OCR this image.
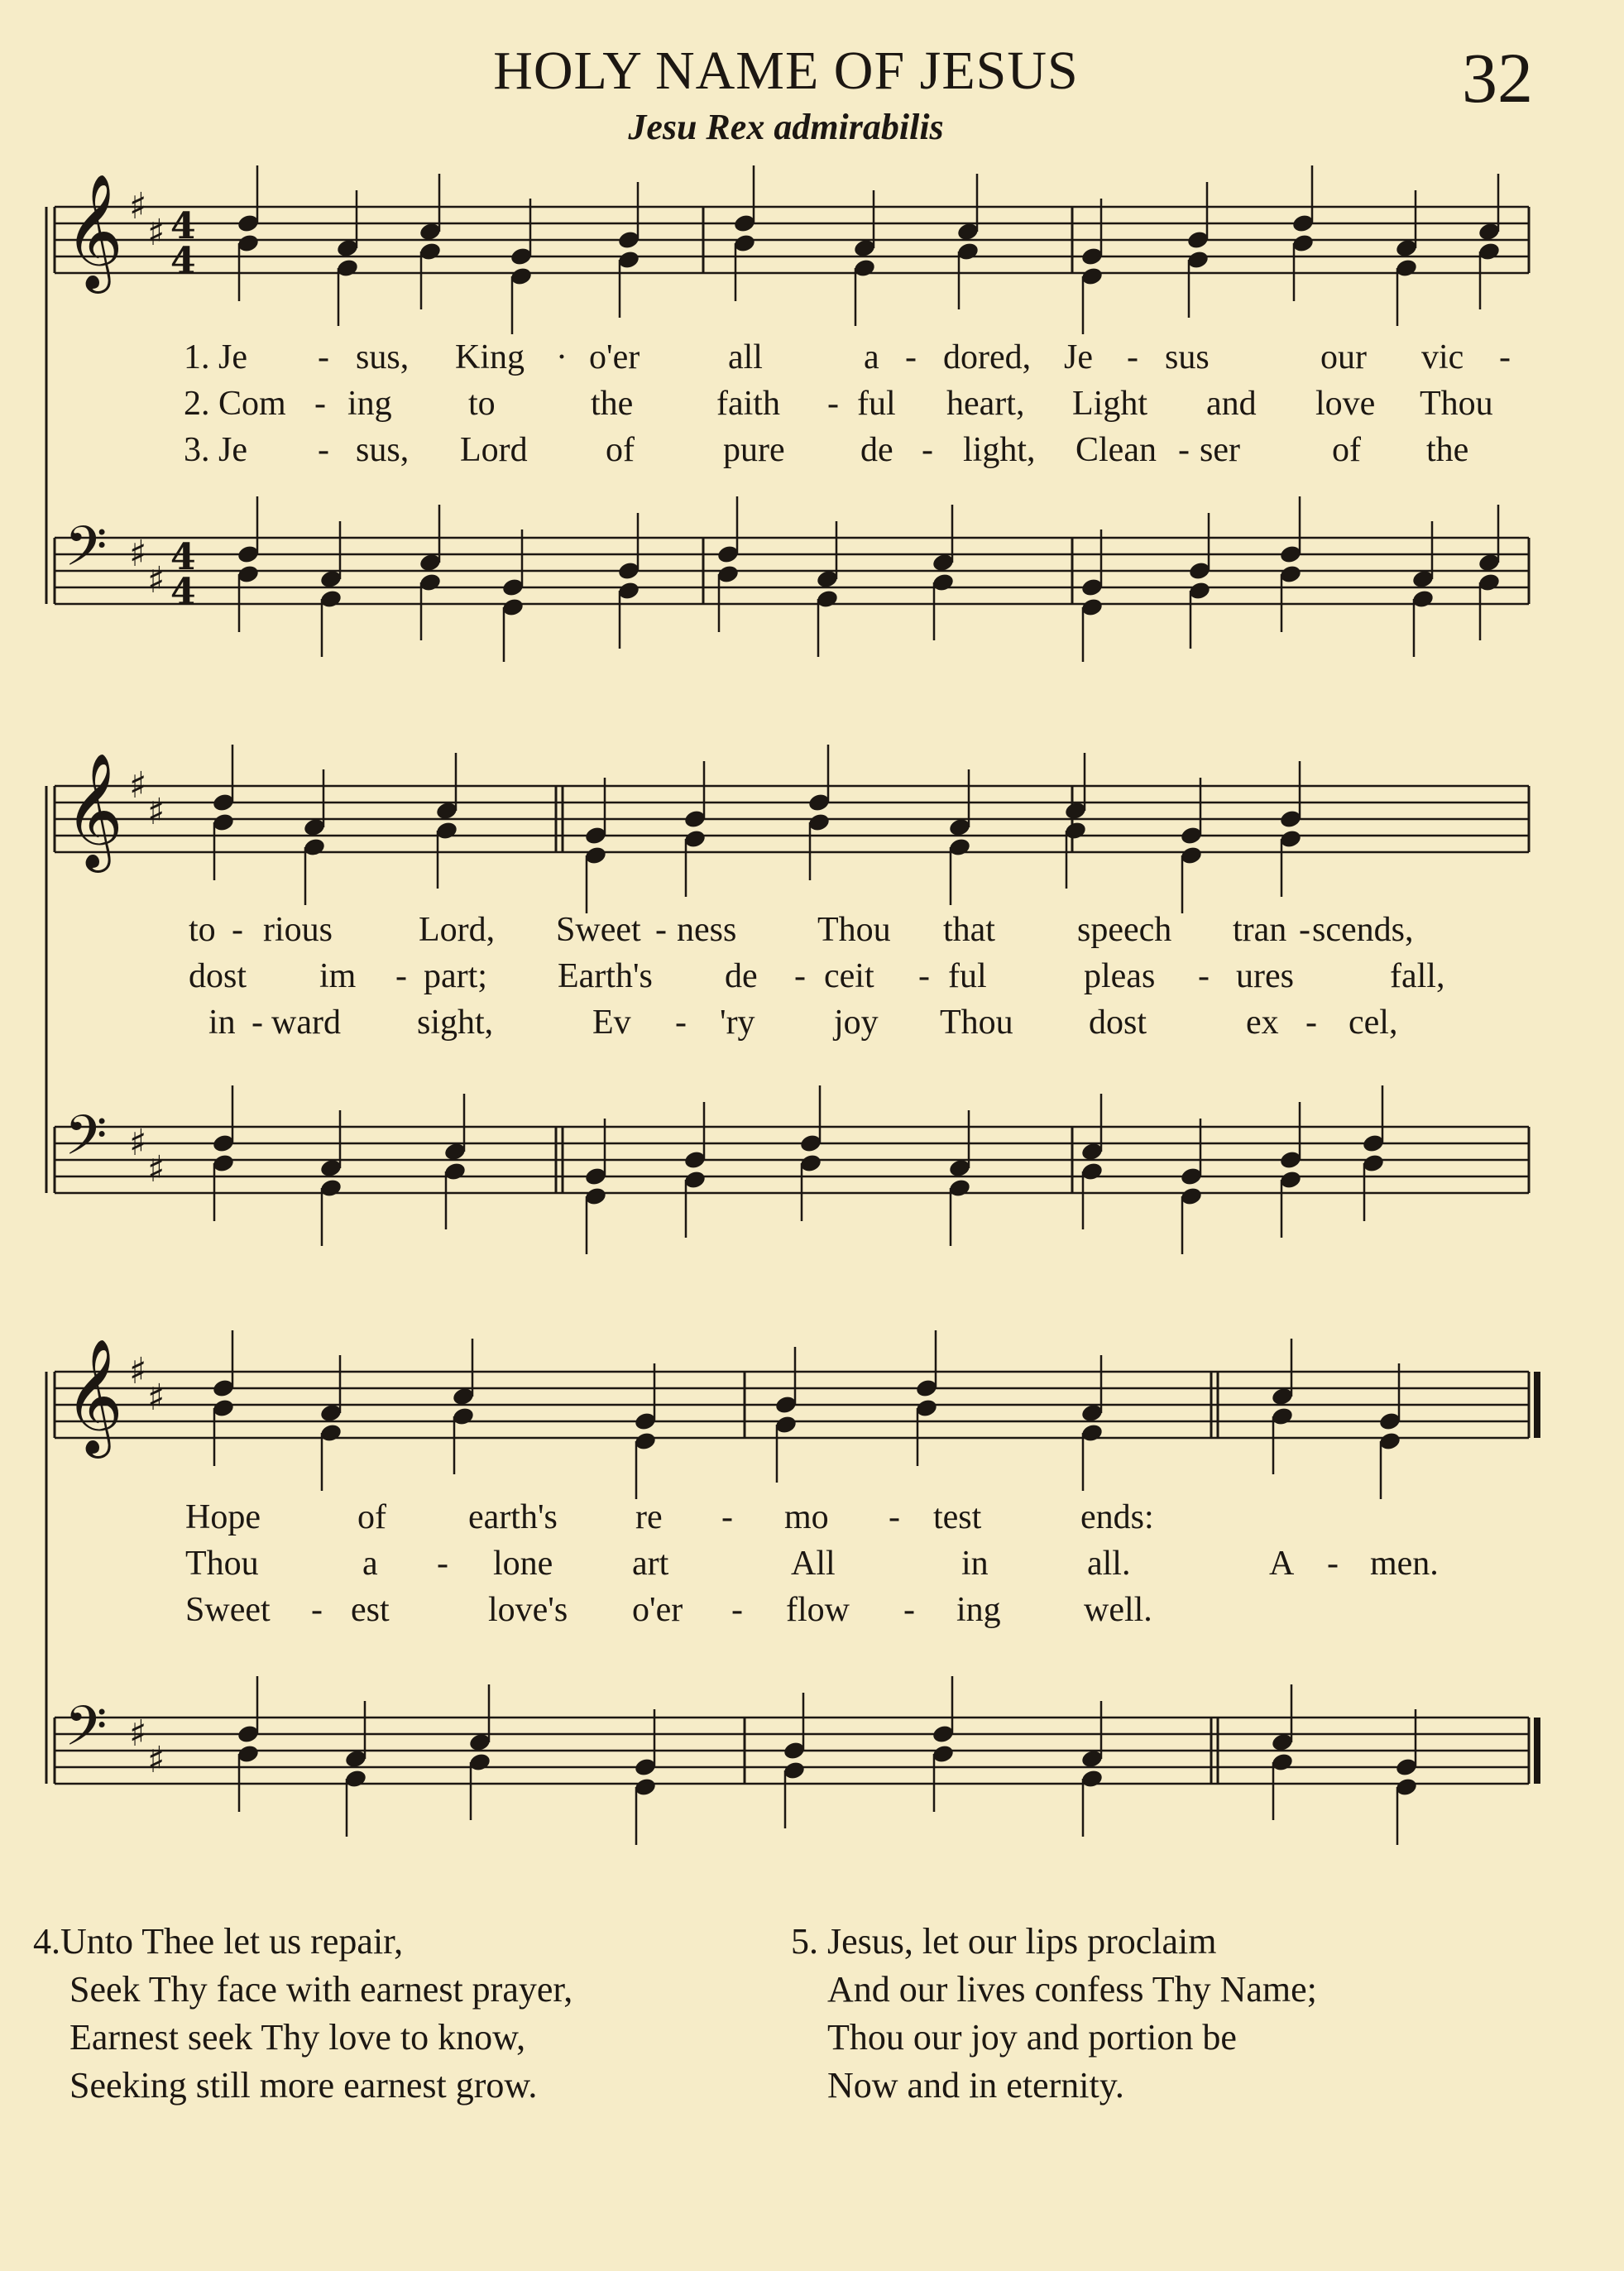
HOLY NAME OF JESUS
Jesu Rex admirabilis
32
𝄞 ♯
♯ 4
4
𝄢 ♯
♯
4
4
1. Je - sus, King · o'er	all	a - dored, Je - sus	our vic -
2. Com - ing to	the faith - ful heart, Light and love Thou
3. Je - sus, Lord of	pure de - light, Clean - ser	of the
𝄞 ♯
♯
𝄢 ♯
♯
to - rious Lord, Sweet - ness Thou that speech tran - scends,
dost im - part; Earth's de - ceit - ful	pleas - ures	fall,
in - ward sight,	Ev - 'ry joy Thou dost	ex - cel,
𝄞 ♯
♯
𝄢 ♯
♯
Hope	of earth's re - mo - test	ends:
Thou	a - lone art	All	in	all.	A - men.
Sweet - est	love's o'er - flow - ing well.
4.Unto Thee let us repair,
Seek Thy face with earnest prayer,
Earnest seek Thy love to know,
Seeking still more earnest grow.
5. Jesus, let our lips proclaim
And our lives confess Thy Name;
Thou our joy and portion be
Now and in eternity.
